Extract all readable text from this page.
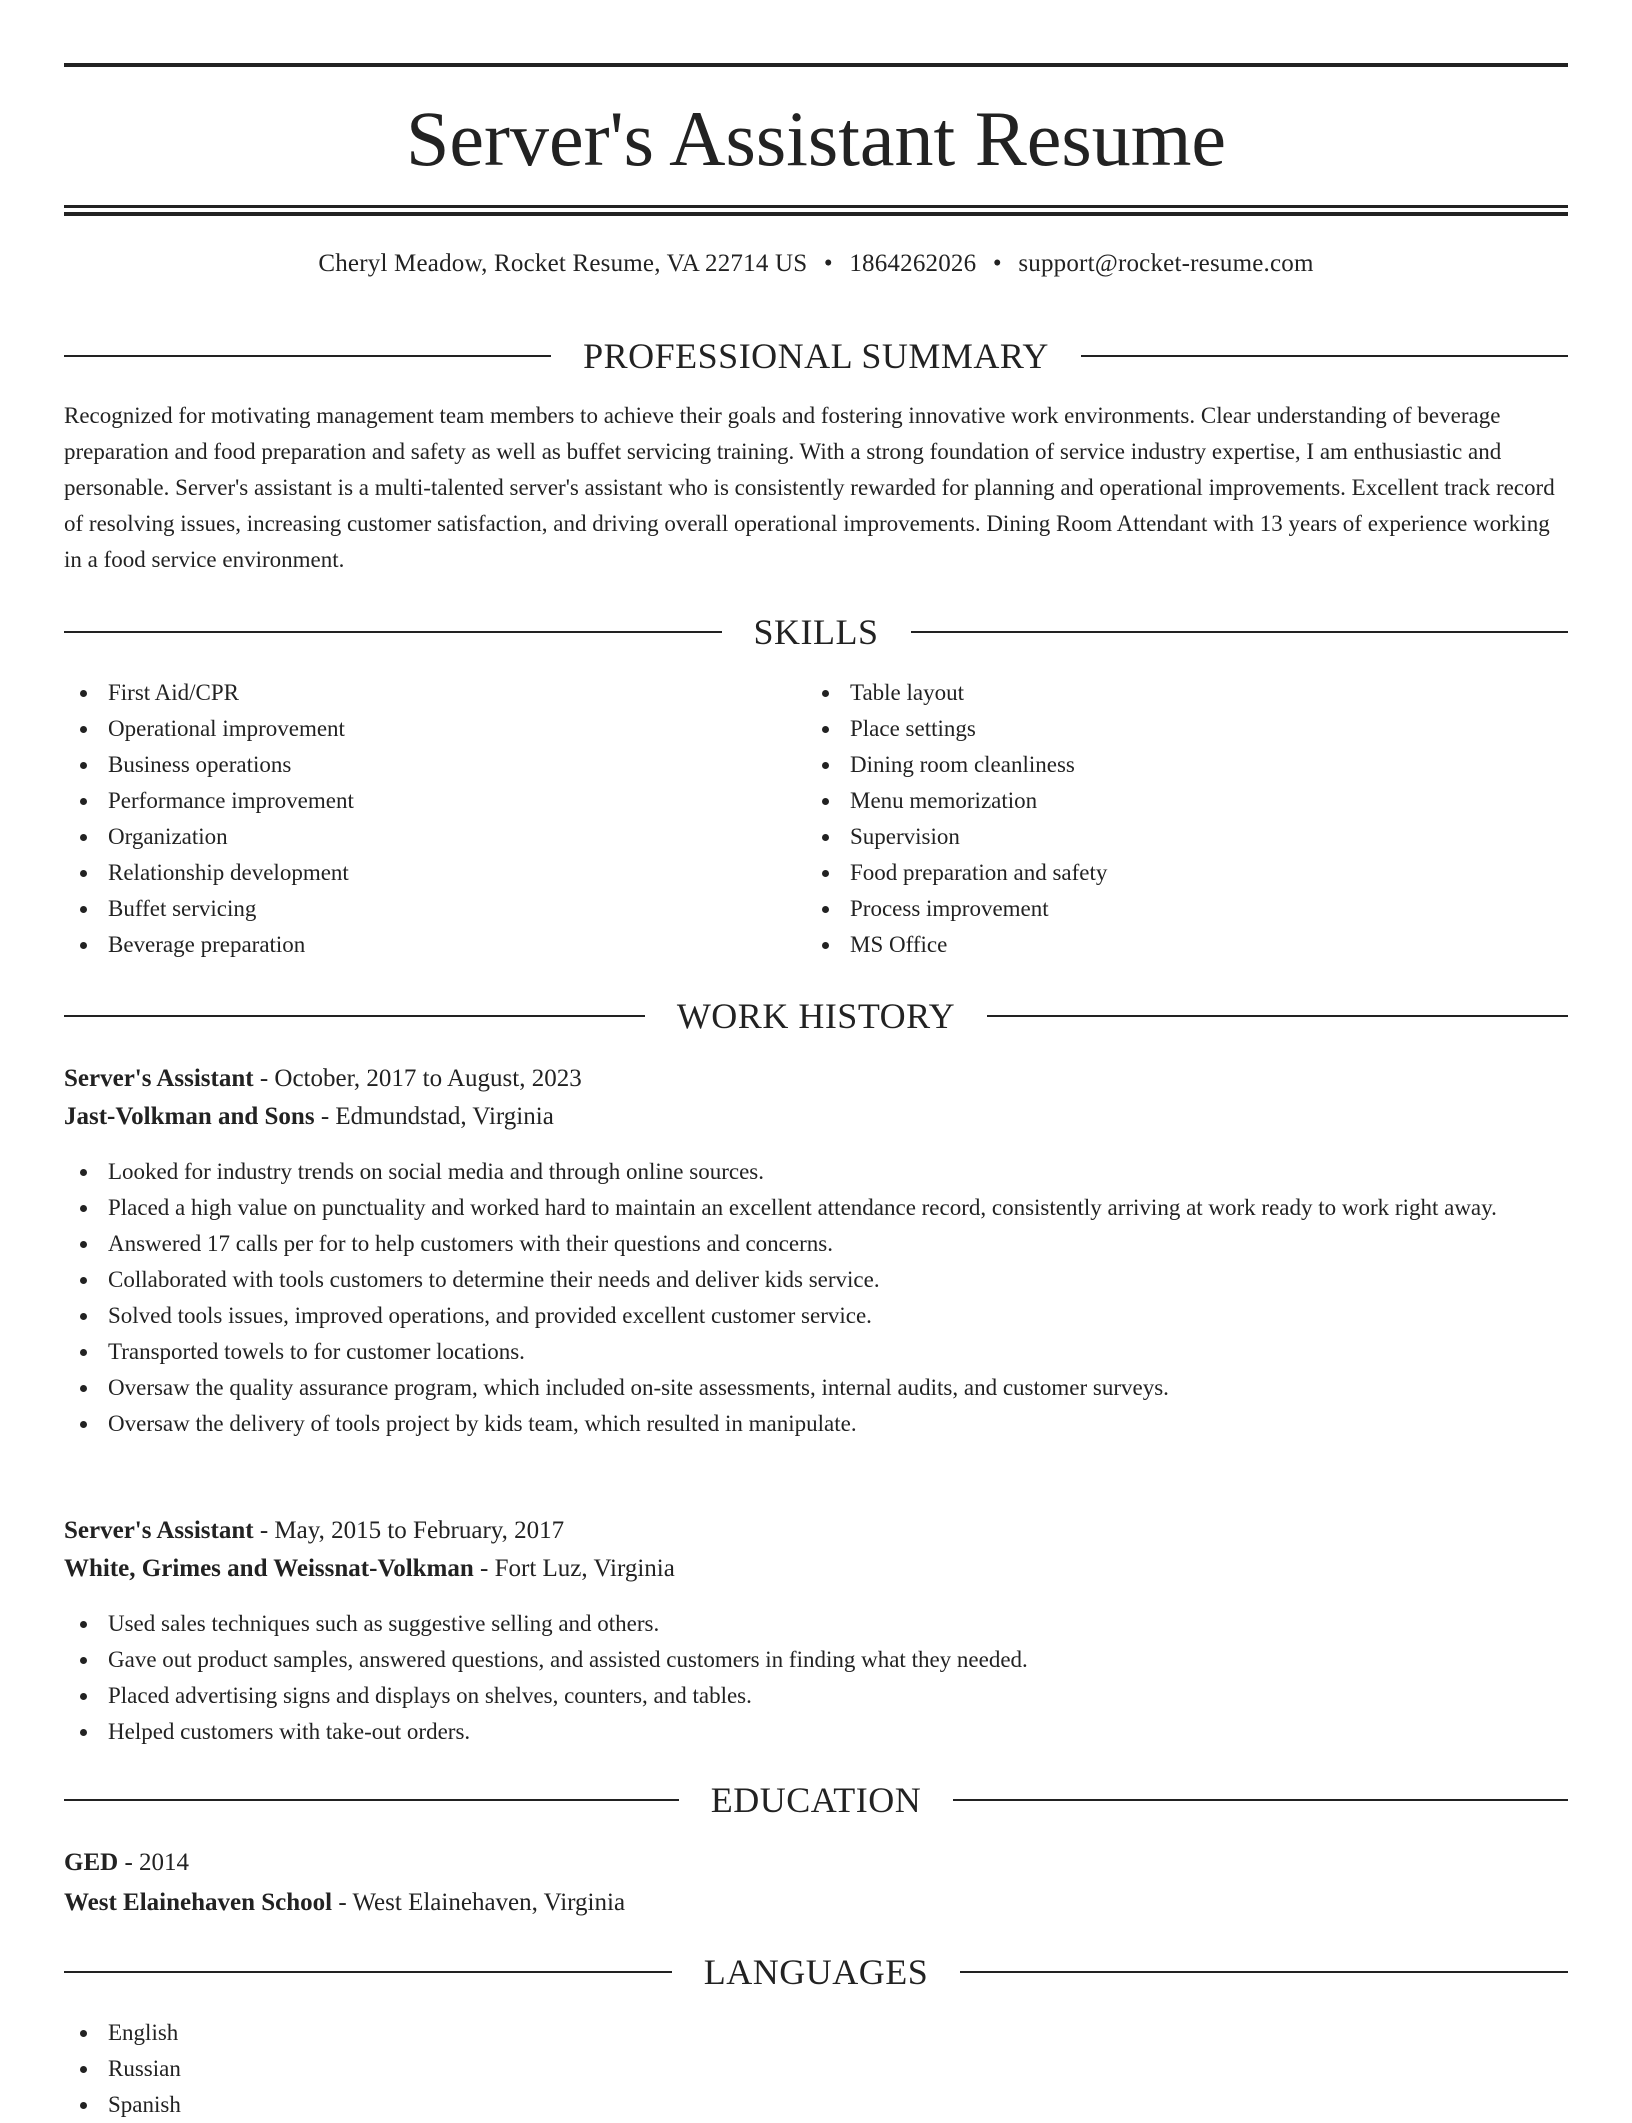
Server's Assistant Resume
Cheryl Meadow, Rocket Resume, VA 22714 US • 1864262026 • support@rocket-resume.com
PROFESSIONAL SUMMARY

Recognized for motivating management team members to achieve their goals and fostering innovative work environments. Clear understanding of beverage preparation and food preparation and safety as well as buffet servicing training. With a strong foundation of service industry expertise, I am enthusiastic and personable. Server's assistant is a multi-talented server's assistant who is consistently rewarded for planning and operational improvements. Excellent track record of resolving issues, increasing customer satisfaction, and driving overall operational improvements. Dining Room Attendant with 13 years of experience working in a food service environment.

SKILLS
First Aid/CPR
Operational improvement
Business operations
Performance improvement
Organization
Relationship development
Buffet servicing
Beverage preparation
Table layout
Place settings
Dining room cleanliness
Menu memorization
Supervision
Food preparation and safety
Process improvement
MS Office
WORK HISTORY
Server's Assistant - October, 2017 to August, 2023
Jast-Volkman and Sons - Edmundstad, Virginia
Looked for industry trends on social media and through online sources.
Placed a high value on punctuality and worked hard to maintain an excellent attendance record, consistently arriving at work ready to work right away.
Answered 17 calls per for to help customers with their questions and concerns.
Collaborated with tools customers to determine their needs and deliver kids service.
Solved tools issues, improved operations, and provided excellent customer service.
Transported towels to for customer locations.
Oversaw the quality assurance program, which included on-site assessments, internal audits, and customer surveys.
Oversaw the delivery of tools project by kids team, which resulted in manipulate.
Server's Assistant - May, 2015 to February, 2017
White, Grimes and Weissnat-Volkman - Fort Luz, Virginia
Used sales techniques such as suggestive selling and others.
Gave out product samples, answered questions, and assisted customers in finding what they needed.
Placed advertising signs and displays on shelves, counters, and tables.
Helped customers with take-out orders.
EDUCATION
GED - 2014
West Elainehaven School - West Elainehaven, Virginia
LANGUAGES
English
Russian
Spanish
